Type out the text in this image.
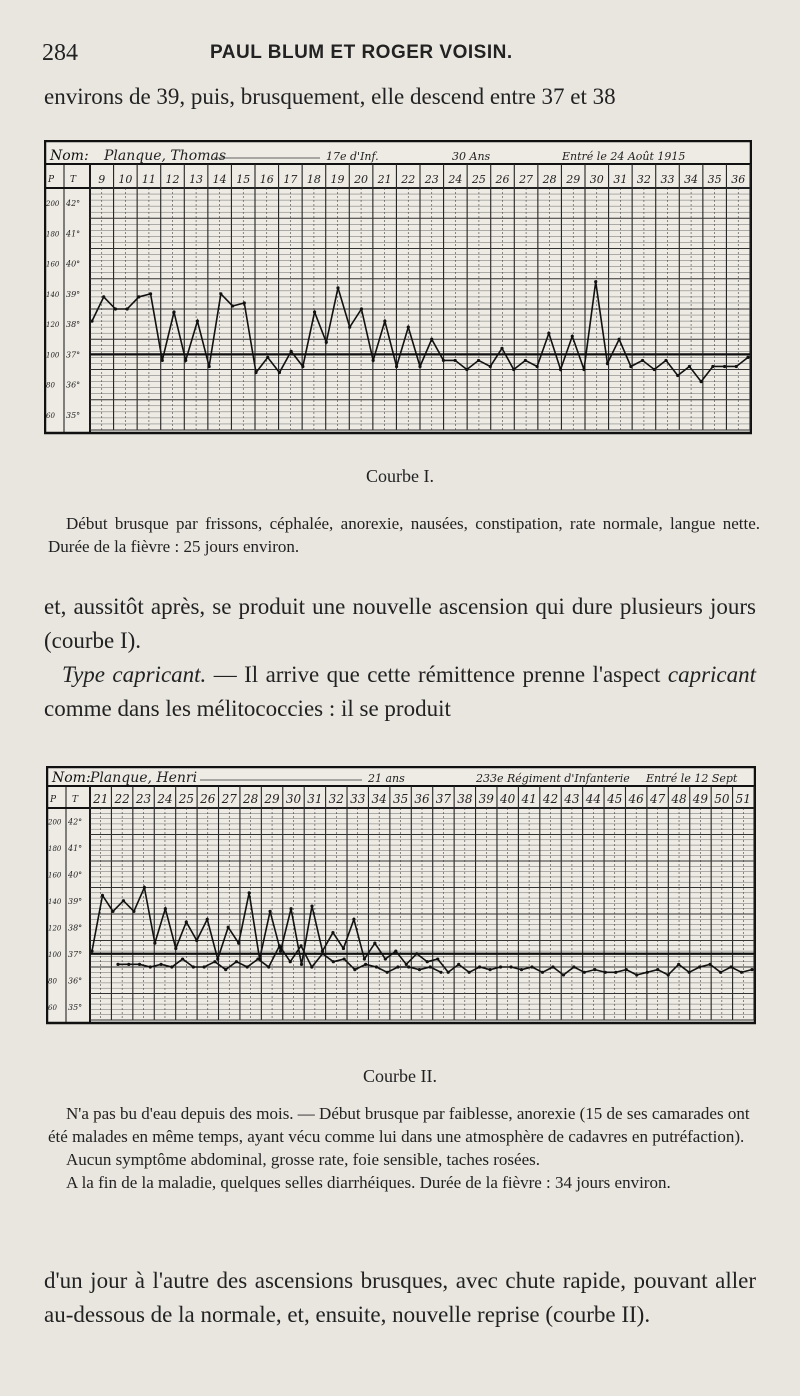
284	PAUL BLUM ET ROGER VOISIN.

environs de 39, puis, brusquement, elle descend entre 37 et 38

Nom: Planque, Thomas	17e d'Inf.	30 Ans	Entré le 24 Août 1915
P T 9 10 11 12 13 14 15 16 17 18 19 20 21 22 23 24 25 26 27 28 29 30 31 32 33 34 35 36
42°
41°
40°
39°
38°
37°
36°
35°
200
180
160
140
120
100
80
60
Courbe I.
Début brusque par frissons, céphalée, anorexie, nausées, constipation, rate normale, langue nette. Durée de la fièvre : 25 jours environ.

et, aussitôt après, se produit une nouvelle ascension qui dure plusieurs jours (courbe I).

Type capricant. — Il arrive que cette rémittence prenne l'aspect capricant comme dans les mélitococcies : il se produit

Nom: Planque, Henri	21 ans	233e Régiment d'Infanterie Entré le 12 Sept
P T 21 22 23 24 25 26 27 28 29 30 31 32 33 34 35 36 37 38 39 40 41 42 43 44 45 46 47 48 49 50 51
42°
41°
40°
39°
38°
37°
36°
35°
200
180
160
140
120
100
80
60
Courbe II.

N'a pas bu d'eau depuis des mois. — Début brusque par faiblesse, anorexie (15 de ses camarades ont été malades en même temps, ayant vécu comme lui dans une atmosphère de cadavres en putréfaction).

Aucun symptôme abdominal, grosse rate, foie sensible, taches rosées.

A la fin de la maladie, quelques selles diarrhéiques. Durée de la fièvre : 34 jours environ.

d'un jour à l'autre des ascensions brusques, avec chute rapide, pouvant aller au-dessous de la normale, et, ensuite, nouvelle reprise (courbe II).
